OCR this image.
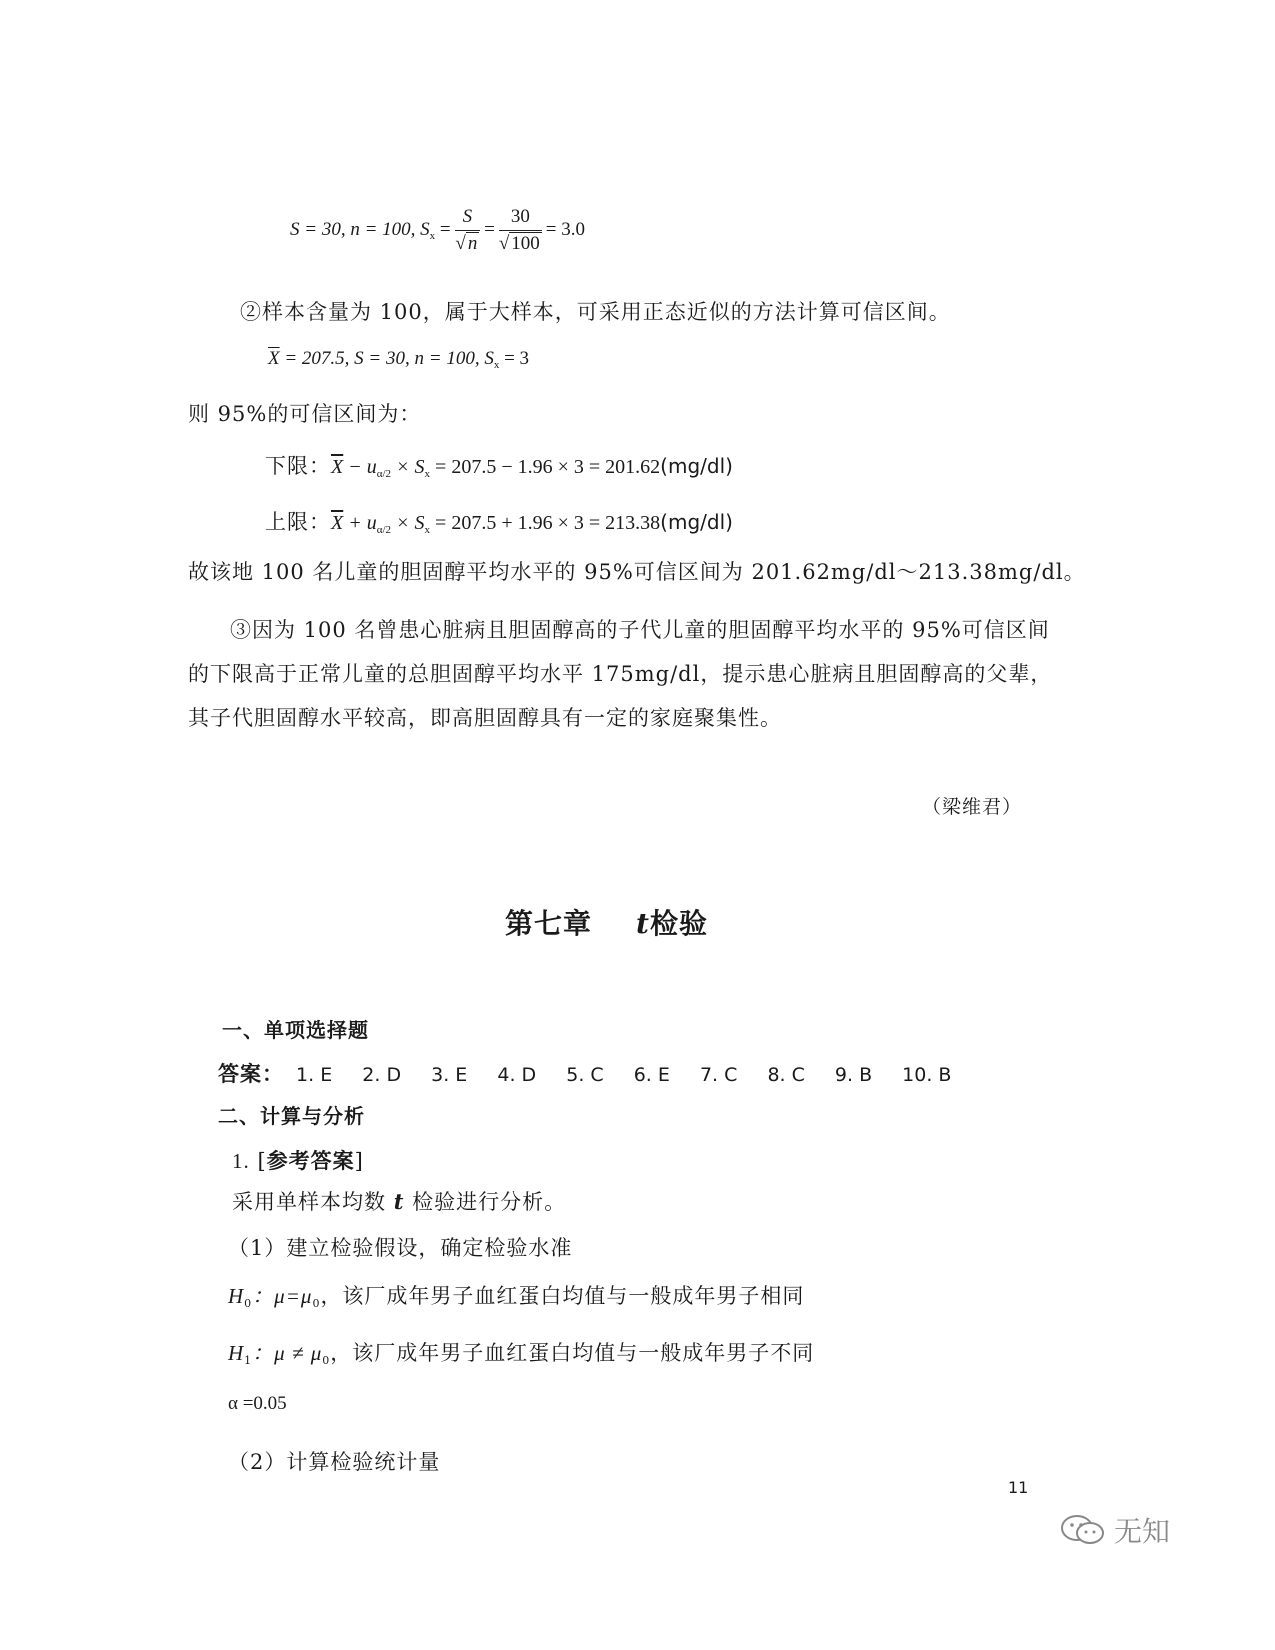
S = 30, n = 100, $S_x = \frac{S}{√ n} = \frac{30}{√ 100} = 3.0$
②样本含量为 100，属于大样本，可采用正态近似的方法计算可信区间。
$\overline{X} = 207.5$, S = 30, n = 100, $S_x = 3$
则 95%的可信区间为：
下限：$\overline{X} - u_{\alpha/2} \times S_x = 207.5 - 1.96 \times 3 = 201.62(mg/dl)$
上限：$\overline{X} + u_{\alpha/2} \times S_x = 207.5 + 1.96 \times 3 = 213.38(mg/dl)$
故该地 100 名儿童的胆固醇平均水平的 95%可信区间为 201.62mg/dl～213.38mg/dl。
③因为 100 名曾患心脏病且胆固醇高的子代儿童的胆固醇平均水平的 95%可信区间
的下限高于正常儿童的总胆固醇平均水平 175mg/dl，提示患心脏病且胆固醇高的父辈，
其子代胆固醇水平较高，即高胆固醇具有一定的家庭聚集性。
（梁维君）
第七章 t检验
一、单项选择题
答案： 1. E 2. D 3. E 4. D 5. C 6. E 7. C 8. C 9. B 10. B
二、计算与分析
1. [参考答案]
采用单样本均数 t 检验进行分析。
（1）建立检验假设，确定检验水准
$H_0$：$\mu=\mu_0$，该厂成年男子血红蛋白均值与一般成年男子相同
$H_1$：$\mu \ne \mu_0$，该厂成年男子血红蛋白均值与一般成年男子不同
α =0.05
（2）计算检验统计量
11
无知
